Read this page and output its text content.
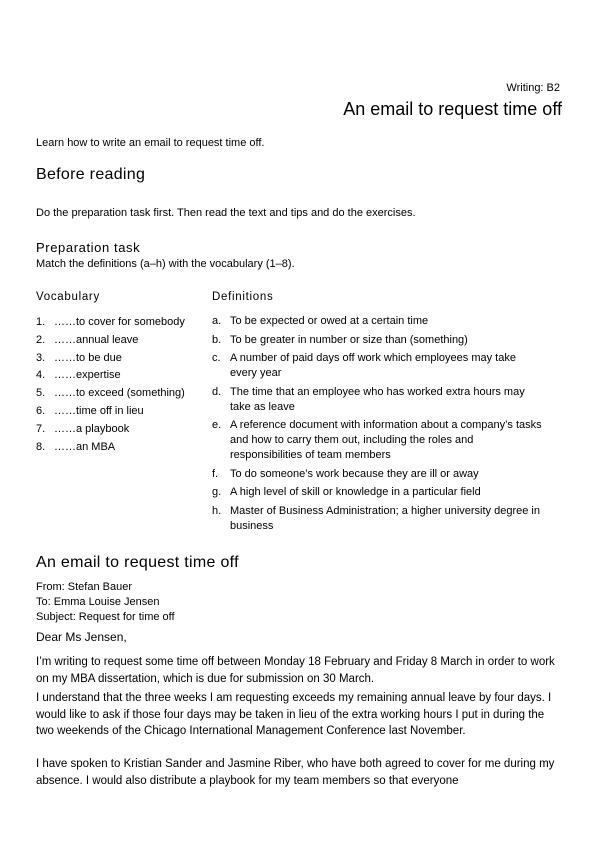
Writing: B2
An email to request time off
Learn how to write an email to request time off.
Before reading
Do the preparation task first. Then read the text and tips and do the exercises.
Preparation task
Match the definitions (a–h) with the vocabulary (1–8).
Vocabulary	Definitions
1. ……to cover for somebody
2. ……annual leave
3. ……to be due
4. ……expertise
5. ……to exceed (something)
6. ……time off in lieu
7. ……a playbook
8. ……an MBA
a. To be expected or owed at a certain time
b. To be greater in number or size than (something)
c. A number of paid days off work which employees may take every year
d. The time that an employee who has worked extra hours may take as leave
e. A reference document with information about a company’s tasks and how to carry them out, including the roles and responsibilities of team members
f.	To do someone’s work because they are ill or away
g. A high level of skill or knowledge in a particular field
h. Master of Business Administration; a higher university degree in business
An email to request time off
From: Stefan Bauer
To: Emma Louise Jensen
Subject: Request for time off
Dear Ms Jensen,
I’m writing to request some time off between Monday 18 February and Friday 8 March in order to work on my MBA dissertation, which is due for submission on 30 March.
I understand that the three weeks I am requesting exceeds my remaining annual leave by four days. I would like to ask if those four days may be taken in lieu of the extra working hours I put in during the two weekends of the Chicago International Management Conference last November.
I have spoken to Kristian Sander and Jasmine Riber, who have both agreed to cover for me during my absence. I would also distribute a playbook for my team members so that everyone
